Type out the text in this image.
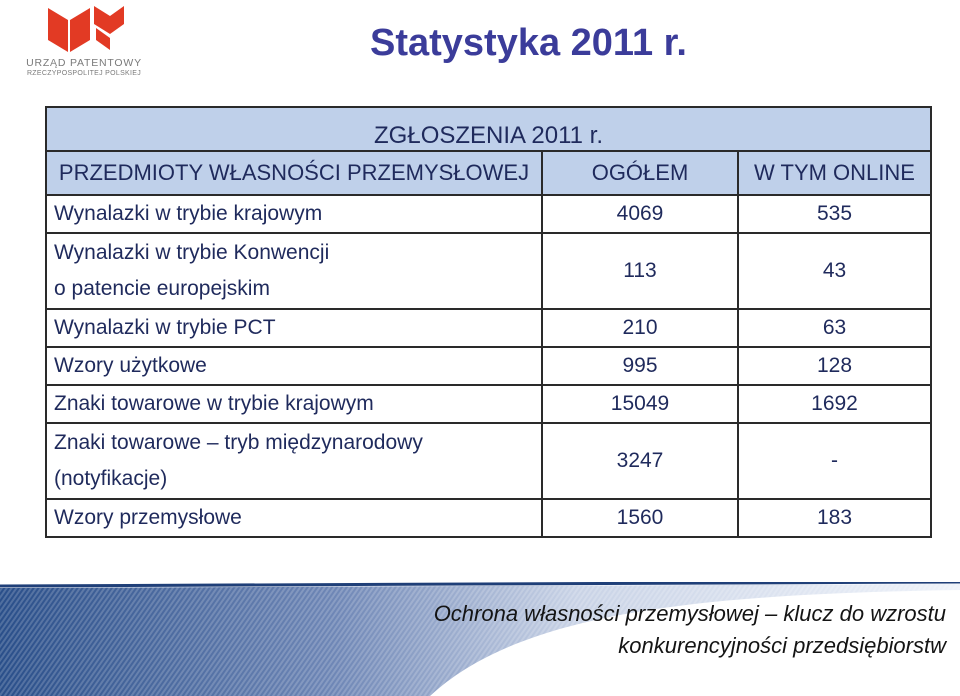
URZĄD PATENTOWY
RZECZYPOSPOLITEJ POLSKIEJ
Statystyka 2011 r.
ZGŁOSZENIA 2011 r.		
PRZEDMIOTY WŁASNOŚCI PRZEMYSŁOWEJ	OGÓŁEM	W TYM ONLINE
Wynalazki w trybie krajowym	4069	535
Wynalazki w trybie Konwencji
o patencie europejskim	113	43
Wynalazki w trybie PCT	210	63
Wzory użytkowe	995	128
Znaki towarowe w trybie krajowym	15049	1692
Znaki towarowe – tryb międzynarodowy
(notyfikacje)	3247	-
Wzory przemysłowe	1560	183
Ochrona własności przemysłowej – klucz do wzrostu
konkurencyjności przedsiębiorstw
